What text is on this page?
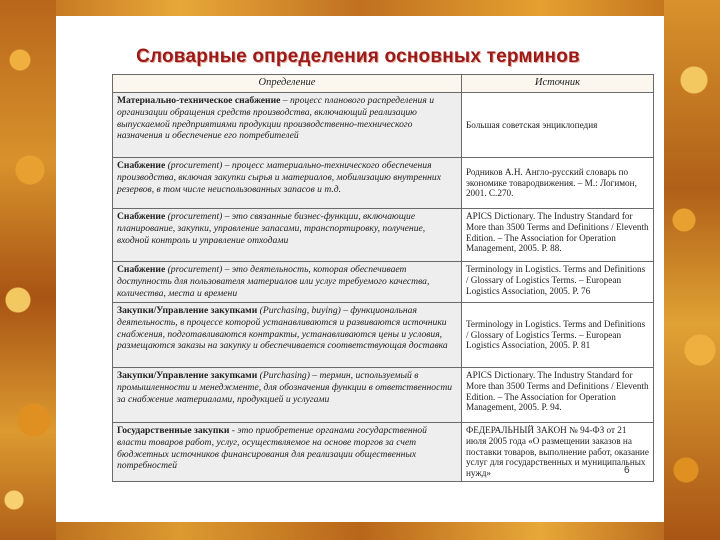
Словарные определения основных терминов
Определение	Источник
Материально-техническое снабжение – процесс планового распределения и организации обращения средств производства, включающий реализацию выпускаемой предприятиями продукции производственно-технического назначения и обеспечение его потребителей	Большая советская энциклопедия
Снабжение (procurement) – процесс материально-технического обеспечения производства, включая закупки сырья и материалов, мобилизацию внутренних резервов, в том числе неиспользованных запасов и т.д.	Родников А.Н. Англо-русский словарь по экономике товародвижения. – М.: Логимон, 2001. С.270.
Снабжение (procurement) – это связанные бизнес-функции, включающие планирование, закупки, управление запасами, транспортировку, получение, входной контроль и управление отходами	APICS Dictionary. The Industry Standard for More than 3500 Terms and Definitions / Eleventh Edition. – The Association for Operation Management, 2005. P. 88.
Снабжение (procurement) – это деятельность, которая обеспечивает доступность для пользователя материалов или услуг требуемого качества, количества, места и времени	Terminology in Logistics. Terms and Definitions / Glossary of Logistics Terms. – European Logistics Association, 2005. P. 76
Закупки/Управление закупками (Purchasing, buying) – функциональная деятельность, в процессе которой устанавливаются и развиваются источники снабжения, подготавливаются контракты, устанавливаются цены и условия, размещаются заказы на закупку и обеспечивается соответствующая доставка	Terminology in Logistics. Terms and Definitions / Glossary of Logistics Terms. – European Logistics Association, 2005. P. 81
Закупки/Управление закупками (Purchasing) – термин, используемый в промышленности и менеджменте, для обозначения функции в ответственности за снабжение материалами, продукцией и услугами	APICS Dictionary. The Industry Standard for More than 3500 Terms and Definitions / Eleventh Edition. – The Association for Operation Management, 2005. P. 94.
Государственные закупки - это приобретение органами государственной власти товаров работ, услуг, осуществляемое на основе торгов за счет бюджетных источников финансирования для реализации общественных потребностей	ФЕДЕРАЛЬНЫЙ ЗАКОН № 94-ФЗ от 21 июля 2005 года «О размещении заказов на поставки товаров, выполнение работ, оказание услуг для государственных и муниципальных нужд»	6
